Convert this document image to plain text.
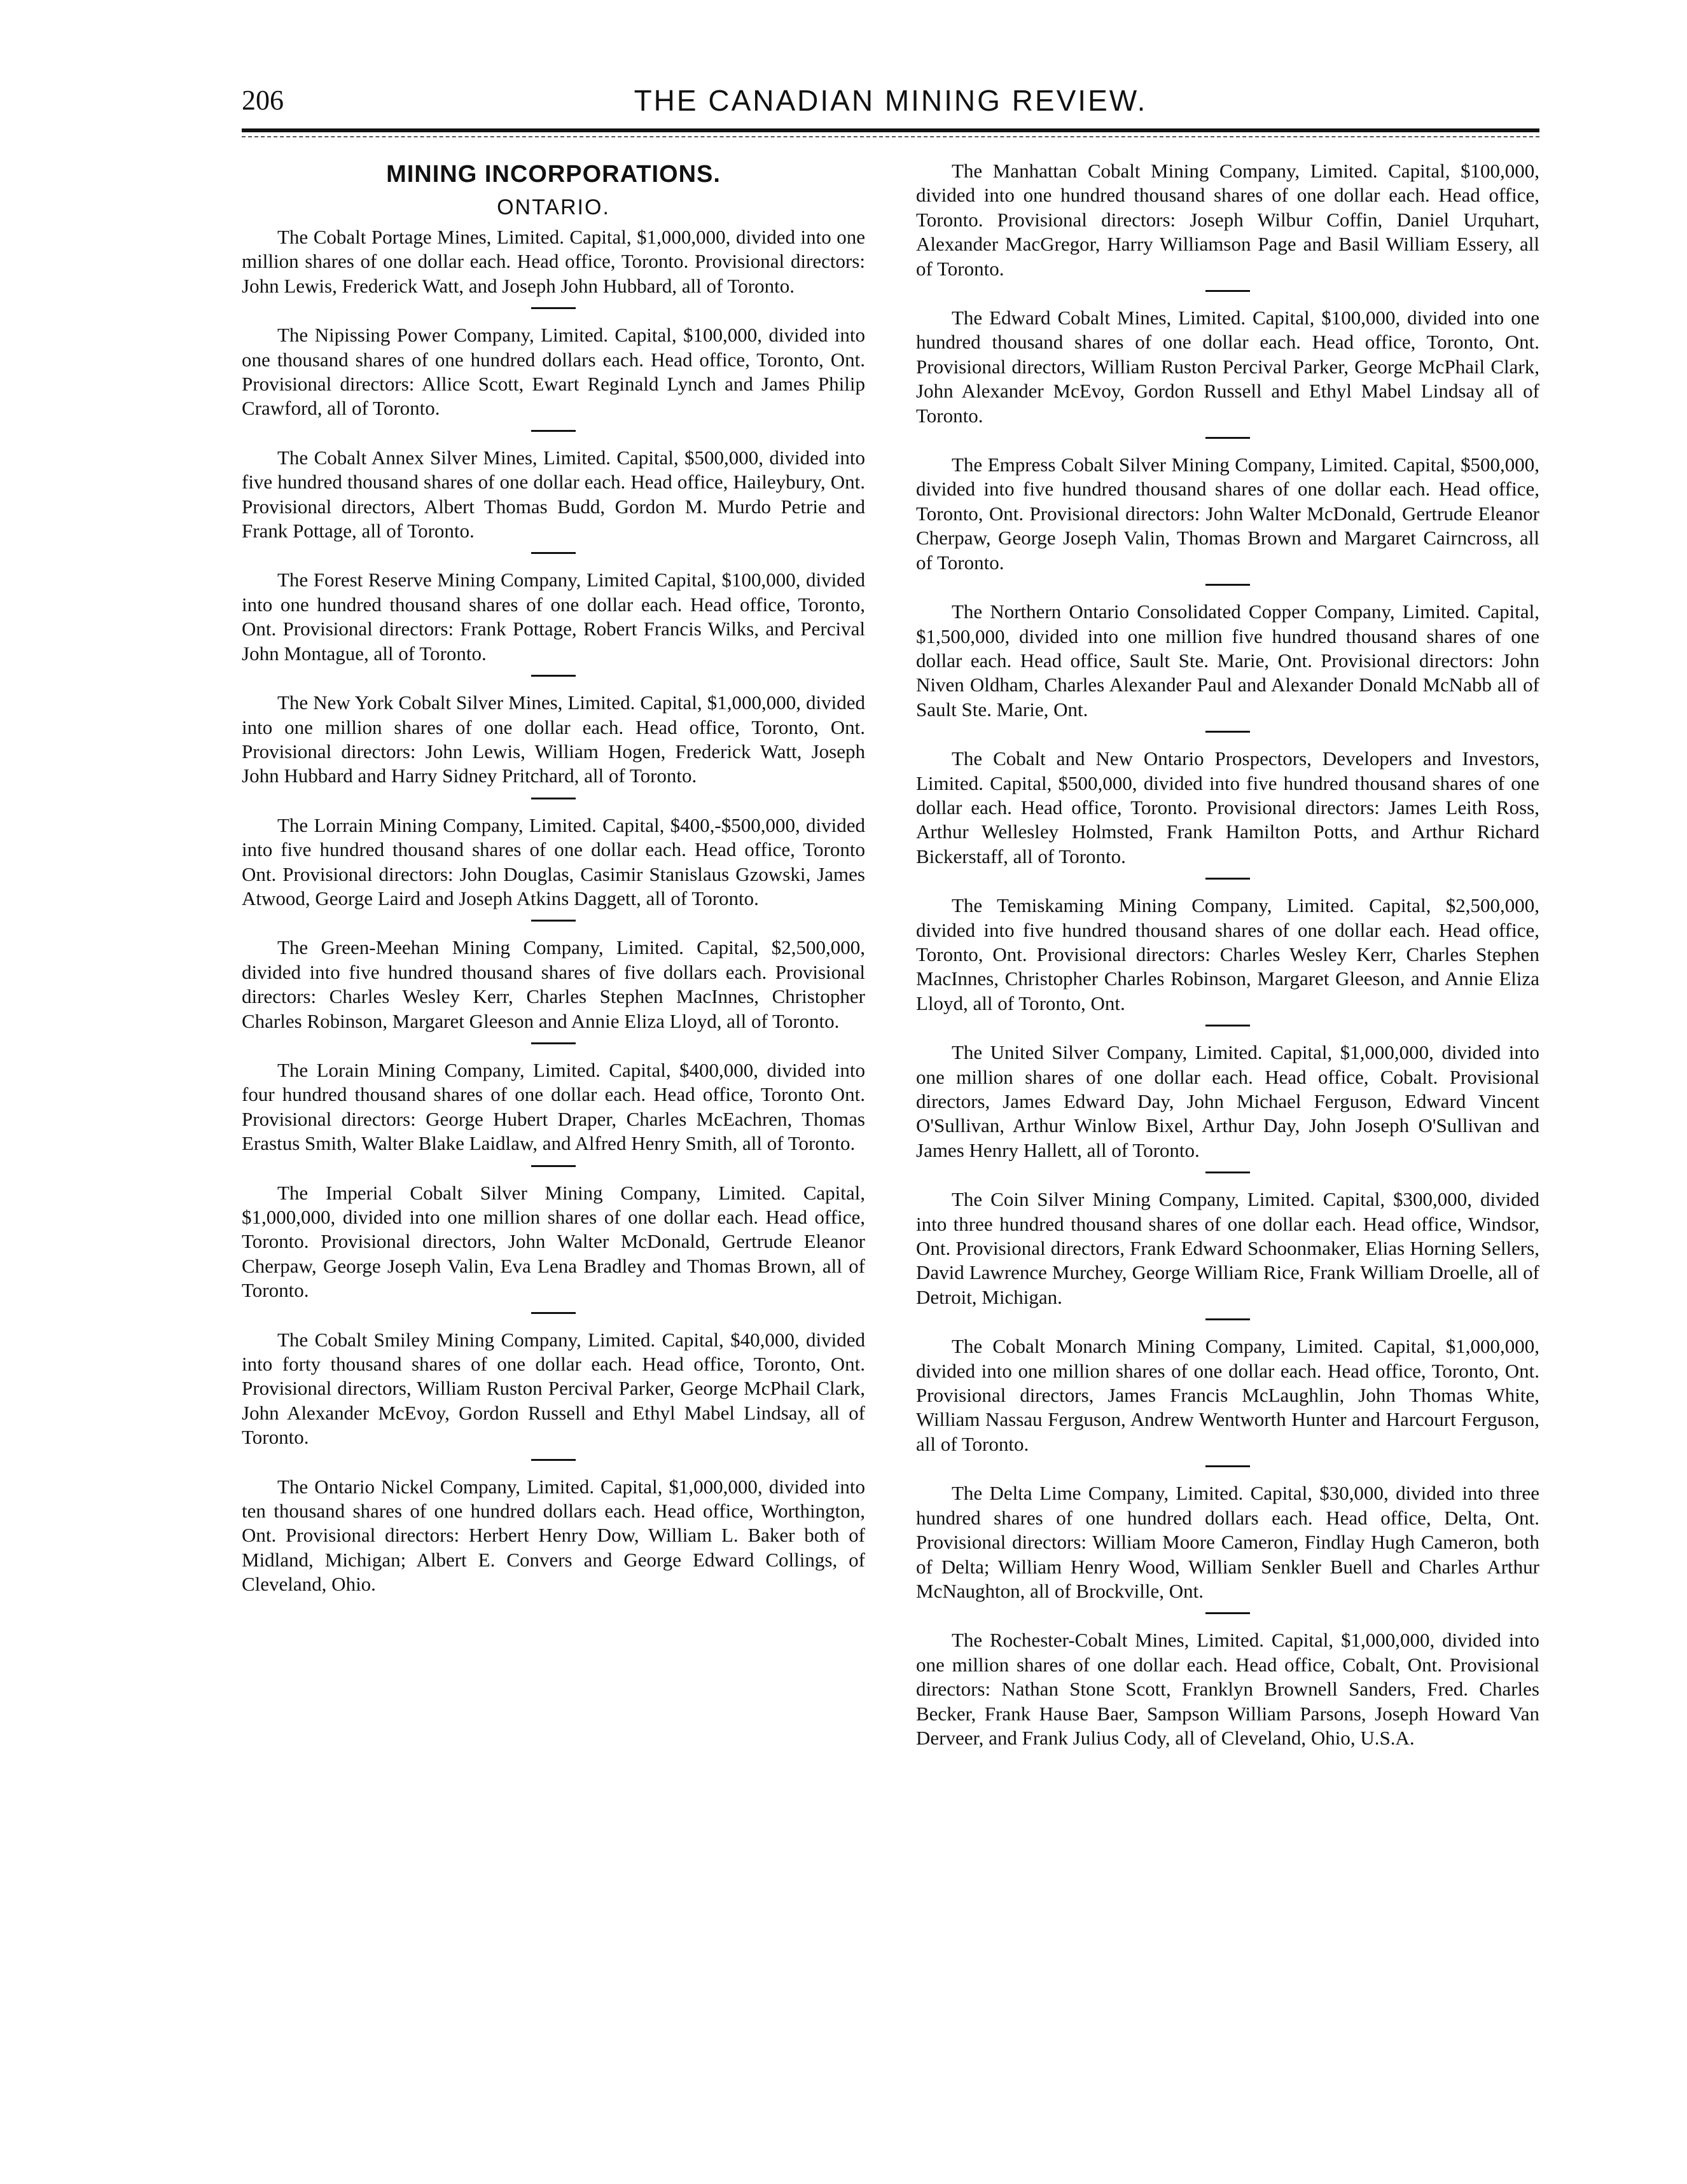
206	THE CANADIAN MINING REVIEW.
MINING INCORPORATIONS.
ONTARIO.

The Cobalt Portage Mines, Limited. Capital, $1,000,000, divided into one million shares of one dollar each. Head office, Toronto. Provisional directors: John Lewis, Frederick Watt, and Joseph John Hubbard, all of Toronto.

The Nipissing Power Company, Limited. Capital, $100,000, divided into one thousand shares of one hundred dollars each. Head office, Toronto, Ont. Provisional directors: Allice Scott, Ewart Reginald Lynch and James Philip Crawford, all of Toronto.

The Cobalt Annex Silver Mines, Limited. Capital, $500,000, divided into five hundred thousand shares of one dollar each. Head office, Haileybury, Ont. Provisional directors, Albert Thomas Budd, Gordon M. Murdo Petrie and Frank Pottage, all of Toronto.

The Forest Reserve Mining Company, Limited Capital, $100,000, divided into one hundred thousand shares of one dollar each. Head office, Toronto, Ont. Provisional directors: Frank Pottage, Robert Francis Wilks, and Percival John Montague, all of Toronto.

The New York Cobalt Silver Mines, Limited. Capital, $1,000,000, divided into one million shares of one dollar each. Head office, Toronto, Ont. Provisional directors: John Lewis, William Hogen, Frederick Watt, Joseph John Hubbard and Harry Sidney Pritchard, all of Toronto.

The Lorrain Mining Company, Limited. Capital, $400,-$500,000, divided into five hundred thousand shares of one dollar each. Head office, Toronto Ont. Provisional directors: John Douglas, Casimir Stanislaus Gzowski, James Atwood, George Laird and Joseph Atkins Daggett, all of Toronto.

The Green-Meehan Mining Company, Limited. Capital, $2,500,000, divided into five hundred thousand shares of five dollars each. Provisional directors: Charles Wesley Kerr, Charles Stephen MacInnes, Christopher Charles Robinson, Margaret Gleeson and Annie Eliza Lloyd, all of Toronto.

The Lorain Mining Company, Limited. Capital, $400,000, divided into four hundred thousand shares of one dollar each. Head office, Toronto Ont. Provisional directors: George Hubert Draper, Charles McEachren, Thomas Erastus Smith, Walter Blake Laidlaw, and Alfred Henry Smith, all of Toronto.

The Imperial Cobalt Silver Mining Company, Limited. Capital, $1,000,000, divided into one million shares of one dollar each. Head office, Toronto. Provisional directors, John Walter McDonald, Gertrude Eleanor Cherpaw, George Joseph Valin, Eva Lena Bradley and Thomas Brown, all of Toronto.

The Cobalt Smiley Mining Company, Limited. Capital, $40,000, divided into forty thousand shares of one dollar each. Head office, Toronto, Ont. Provisional directors, William Ruston Percival Parker, George McPhail Clark, John Alexander McEvoy, Gordon Russell and Ethyl Mabel Lindsay, all of Toronto.

The Ontario Nickel Company, Limited. Capital, $1,000,000, divided into ten thousand shares of one hundred dollars each. Head office, Worthington, Ont. Provisional directors: Herbert Henry Dow, William L. Baker both of Midland, Michigan; Albert E. Convers and George Edward Collings, of Cleveland, Ohio.

The Manhattan Cobalt Mining Company, Limited. Capital, $100,000, divided into one hundred thousand shares of one dollar each. Head office, Toronto. Provisional directors: Joseph Wilbur Coffin, Daniel Urquhart, Alexander MacGregor, Harry Williamson Page and Basil William Essery, all of Toronto.

The Edward Cobalt Mines, Limited. Capital, $100,000, divided into one hundred thousand shares of one dollar each. Head office, Toronto, Ont. Provisional directors, William Ruston Percival Parker, George McPhail Clark, John Alexander McEvoy, Gordon Russell and Ethyl Mabel Lindsay all of Toronto.

The Empress Cobalt Silver Mining Company, Limited. Capital, $500,000, divided into five hundred thousand shares of one dollar each. Head office, Toronto, Ont. Provisional directors: John Walter McDonald, Gertrude Eleanor Cherpaw, George Joseph Valin, Thomas Brown and Margaret Cairncross, all of Toronto.

The Northern Ontario Consolidated Copper Company, Limited. Capital, $1,500,000, divided into one million five hundred thousand shares of one dollar each. Head office, Sault Ste. Marie, Ont. Provisional directors: John Niven Oldham, Charles Alexander Paul and Alexander Donald McNabb all of Sault Ste. Marie, Ont.

The Cobalt and New Ontario Prospectors, Developers and Investors, Limited. Capital, $500,000, divided into five hundred thousand shares of one dollar each. Head office, Toronto. Provisional directors: James Leith Ross, Arthur Wellesley Holmsted, Frank Hamilton Potts, and Arthur Richard Bickerstaff, all of Toronto.

The Temiskaming Mining Company, Limited. Capital, $2,500,000, divided into five hundred thousand shares of one dollar each. Head office, Toronto, Ont. Provisional directors: Charles Wesley Kerr, Charles Stephen MacInnes, Christopher Charles Robinson, Margaret Gleeson, and Annie Eliza Lloyd, all of Toronto, Ont.

The United Silver Company, Limited. Capital, $1,000,000, divided into one million shares of one dollar each. Head office, Cobalt. Provisional directors, James Edward Day, John Michael Ferguson, Edward Vincent O'Sullivan, Arthur Winlow Bixel, Arthur Day, John Joseph O'Sullivan and James Henry Hallett, all of Toronto.

The Coin Silver Mining Company, Limited. Capital, $300,000, divided into three hundred thousand shares of one dollar each. Head office, Windsor, Ont. Provisional directors, Frank Edward Schoonmaker, Elias Horning Sellers, David Lawrence Murchey, George William Rice, Frank William Droelle, all of Detroit, Michigan.

The Cobalt Monarch Mining Company, Limited. Capital, $1,000,000, divided into one million shares of one dollar each. Head office, Toronto, Ont. Provisional directors, James Francis McLaughlin, John Thomas White, William Nassau Ferguson, Andrew Wentworth Hunter and Harcourt Ferguson, all of Toronto.

The Delta Lime Company, Limited. Capital, $30,000, divided into three hundred shares of one hundred dollars each. Head office, Delta, Ont. Provisional directors: William Moore Cameron, Findlay Hugh Cameron, both of Delta; William Henry Wood, William Senkler Buell and Charles Arthur McNaughton, all of Brockville, Ont.

The Rochester-Cobalt Mines, Limited. Capital, $1,000,000, divided into one million shares of one dollar each. Head office, Cobalt, Ont. Provisional directors: Nathan Stone Scott, Franklyn Brownell Sanders, Fred. Charles Becker, Frank Hause Baer, Sampson William Parsons, Joseph Howard Van Derveer, and Frank Julius Cody, all of Cleveland, Ohio, U.S.A.
